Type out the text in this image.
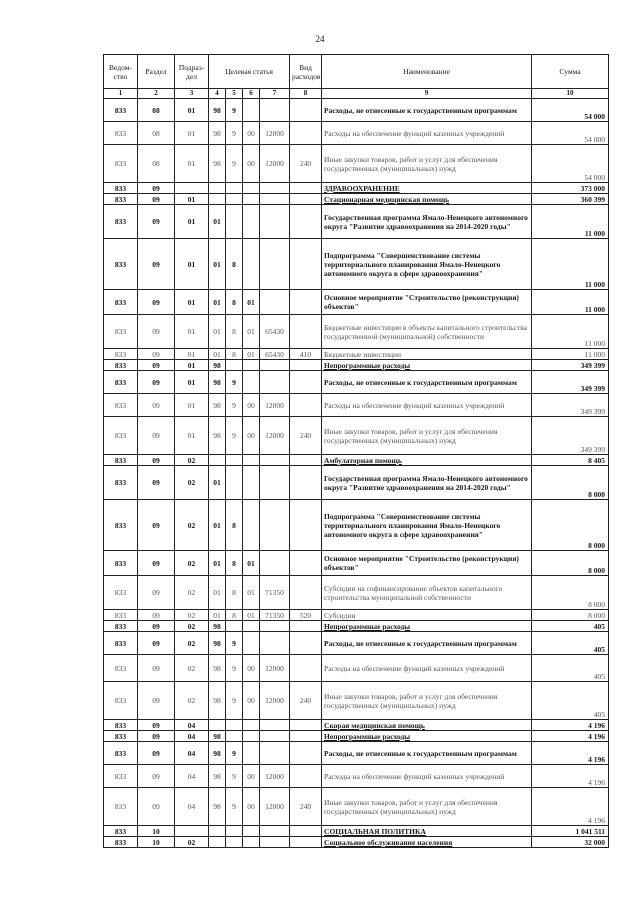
24
Ведом-ство	Раздел	Подраз-дел	Целевая статья				Вид расходов	Наименование	Сумма
1	2	3	4	5	6	7	8	9	10
833	08	01	98	9				Расходы, не отнесенные к государственным программам	54 000
833	08	01	98	9	00	12000		Расходы на обеспечение функций казенных учреждений	54 000
833	08	01	98	9	00	12000	240	Иные закупки товаров, работ и услуг для обеспечения государственных (муниципальных) нужд	54 000
833	09							ЗДРАВООХРАНЕНИЕ	373 000
833	09	01						Стационарная медицинская помощь	360 399
833	09	01	01					Государственная программа Ямало-Ненецкого автономного округа "Развитие здравоохранения на 2014-2020 годы"	11 000
833	09	01	01	8				Подпрограмма "Совершенствование системы территориального планирования Ямало-Ненецкого автономного округа в сфере здравоохранения"	11 000
833	09	01	01	8	01			Основное мероприятие "Строительство (реконструкция) объектов"	11 000
833	09	01	01	8	01	65430		Бюджетные инвестиции в объекты капитального строительства государственной (муниципальной) собственности	11 000
833	09	01	01	8	01	65430	410	Бюджетные инвестиции	11 000
833	09	01	98					Непрограммные расходы	349 399
833	09	01	98	9				Расходы, не отнесенные к государственным программам	349 399
833	09	01	98	9	00	12000		Расходы на обеспечение функций казенных учреждений	349 399
833	09	01	98	9	00	12000	240	Иные закупки товаров, работ и услуг для обеспечения государственных (муниципальных) нужд	349 399
833	09	02						Амбулаторная помощь	8 405
833	09	02	01					Государственная программа Ямало-Ненецкого автономного округа "Развитие здравоохранения на 2014-2020 годы"	8 000
833	09	02	01	8				Подпрограмма "Совершенствование системы территориального планирования Ямало-Ненецкого автономного округа в сфере здравоохранения"	8 000
833	09	02	01	8	01			Основное мероприятие "Строительство (реконструкция) объектов"	8 000
833	09	02	01	8	01	71350		Субсидии на софинансирование объектов капитального строительства муниципальной собственности	8 000
833	09	02	01	8	01	71350	520	Субсидии	8 000
833	09	02	98					Непрограммные расходы	405
833	09	02	98	9				Расходы, не отнесенные к государственным программам	405
833	09	02	98	9	00	12000		Расходы на обеспечение функций казенных учреждений	405
833	09	02	98	9	00	12000	240	Иные закупки товаров, работ и услуг для обеспечения государственных (муниципальных) нужд	405
833	09	04						Скорая медицинская помощь	4 196
833	09	04	98					Непрограммные расходы	4 196
833	09	04	98	9				Расходы, не отнесенные к государственным программам	4 196
833	09	04	98	9	00	12000		Расходы на обеспечение функций казенных учреждений	4 196
833	09	04	98	9	00	12000	240	Иные закупки товаров, работ и услуг для обеспечения государственных (муниципальных) нужд	4 196
833	10							СОЦИАЛЬНАЯ ПОЛИТИКА	1 041 511
833	10	02						Социальное обслуживание населения	32 000
